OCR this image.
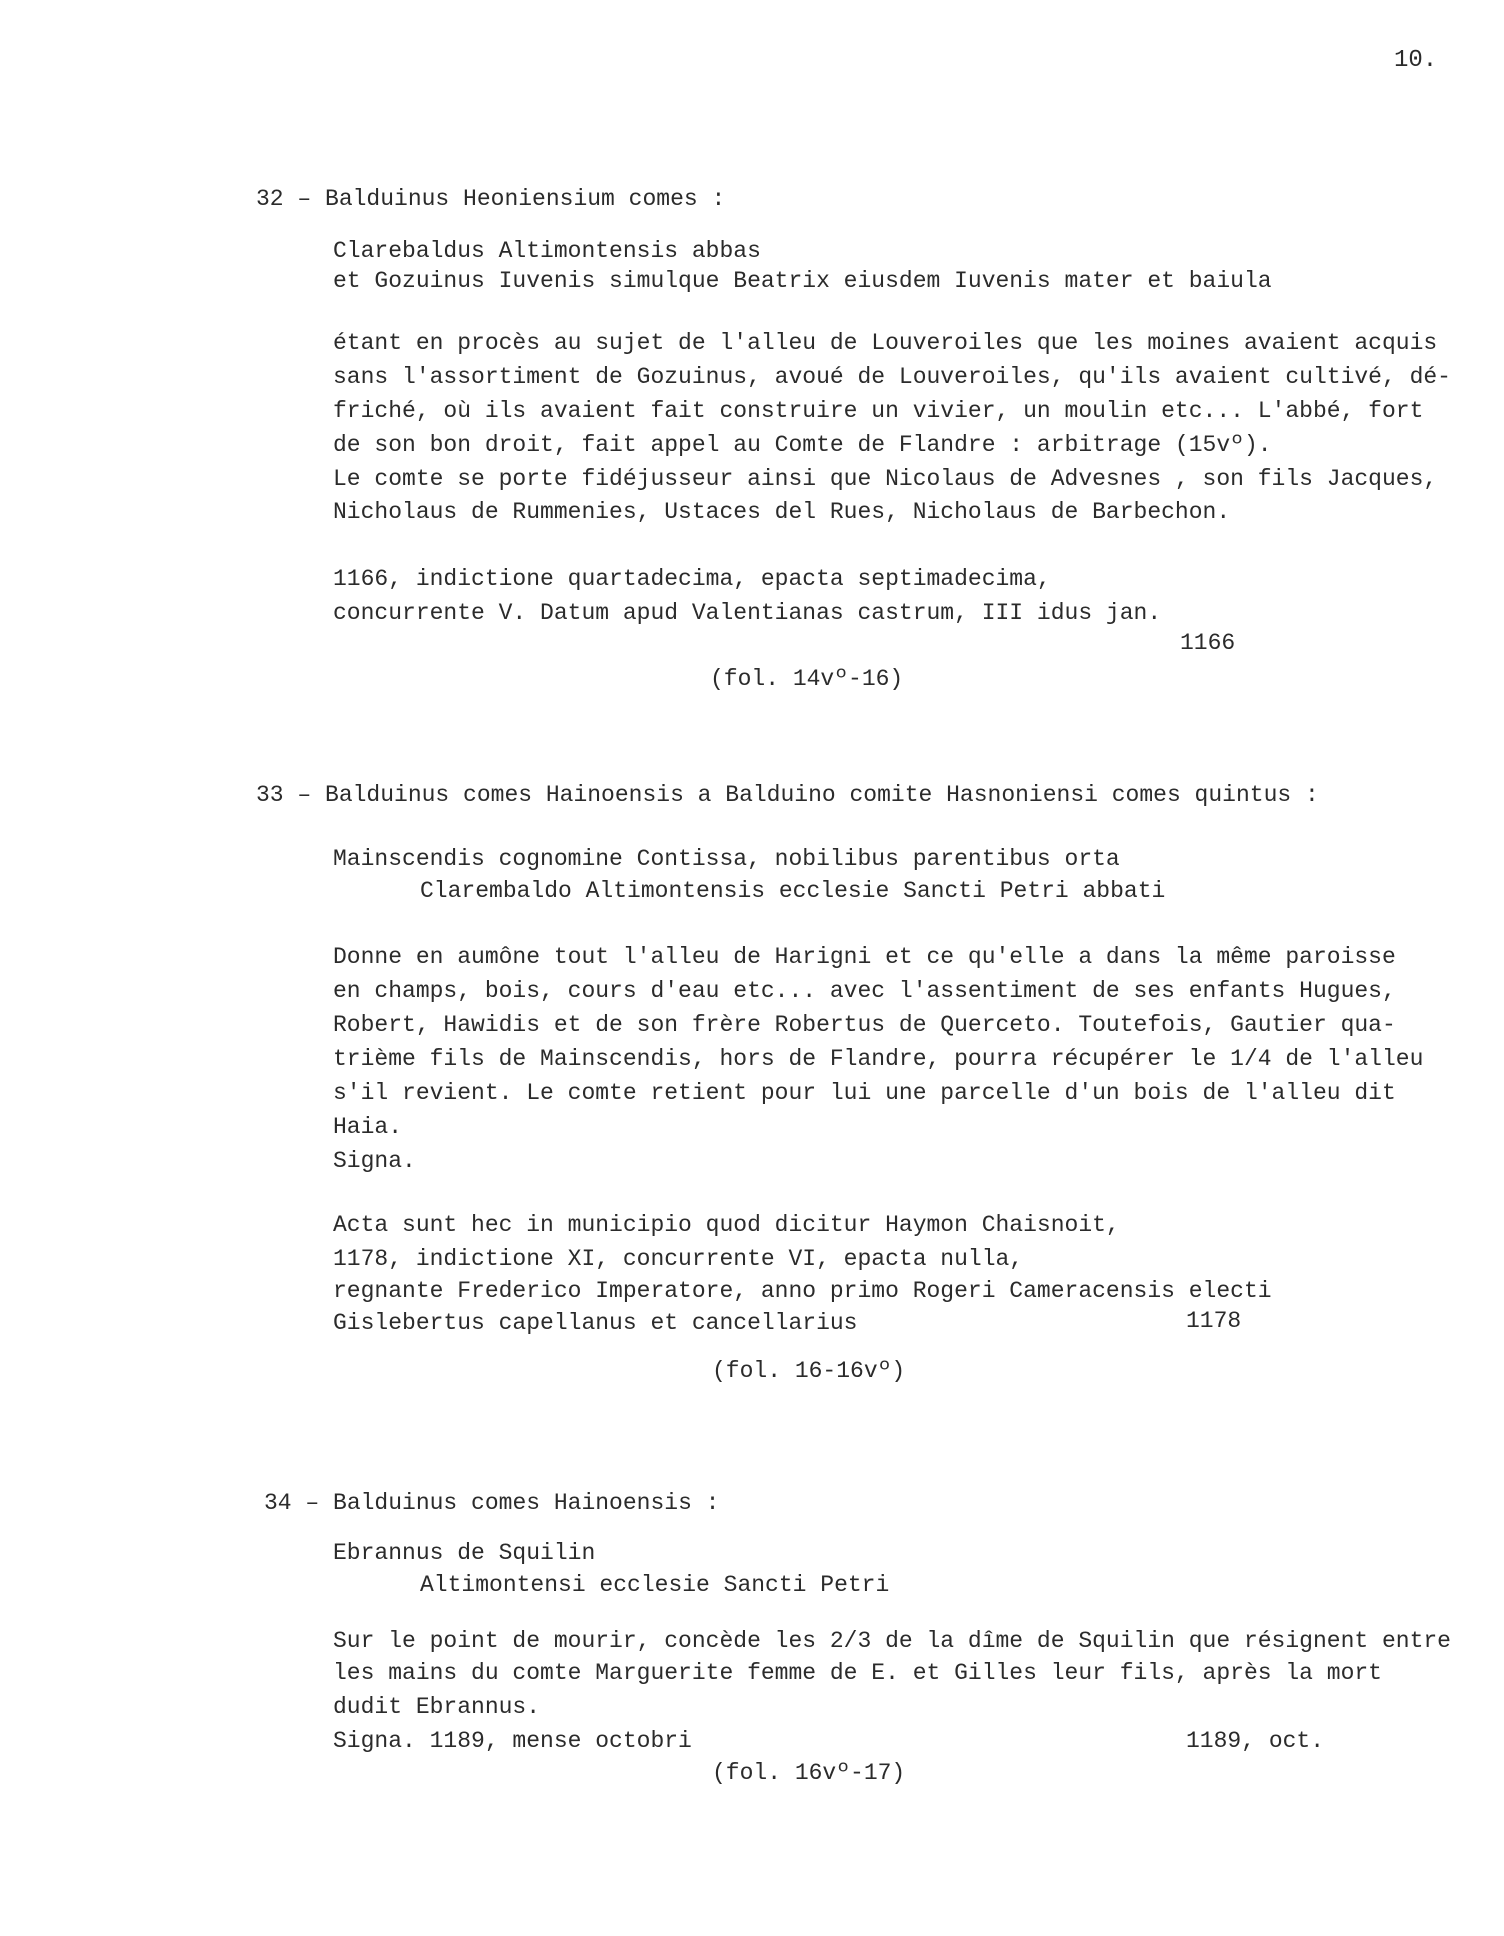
10.
32 – Balduinus Heoniensium comes :
Clarebaldus Altimontensis abbas
et Gozuinus Iuvenis simulque Beatrix eiusdem Iuvenis mater et baiula
étant en procès au sujet de l'alleu de Louveroiles que les moines avaient acquis
sans l'assortiment de Gozuinus, avoué de Louveroiles, qu'ils avaient cultivé, dé-
friché, où ils avaient fait construire un vivier, un moulin etc... L'abbé, fort
de son bon droit, fait appel au Comte de Flandre : arbitrage (15vº).
Le comte se porte fidéjusseur ainsi que Nicolaus de Advesnes , son fils Jacques,
Nicholaus de Rummenies, Ustaces del Rues, Nicholaus de Barbechon.
1166, indictione quartadecima, epacta septimadecima,
concurrente V. Datum apud Valentianas castrum, III idus jan.
1166
(fol. 14vº-16)
33 – Balduinus comes Hainoensis a Balduino comite Hasnoniensi comes quintus :
Mainscendis cognomine Contissa, nobilibus parentibus orta
Clarembaldo Altimontensis ecclesie Sancti Petri abbati
Donne en aumône tout l'alleu de Harigni et ce qu'elle a dans la même paroisse
en champs, bois, cours d'eau etc... avec l'assentiment de ses enfants Hugues,
Robert, Hawidis et de son frère Robertus de Querceto. Toutefois, Gautier qua-
trième fils de Mainscendis, hors de Flandre, pourra récupérer le 1/4 de l'alleu
s'il revient. Le comte retient pour lui une parcelle d'un bois de l'alleu dit
Haia.
Signa.
Acta sunt hec in municipio quod dicitur Haymon Chaisnoit,
1178, indictione XI, concurrente VI, epacta nulla,
regnante Frederico Imperatore, anno primo Rogeri Cameracensis electi
Gislebertus capellanus et cancellarius	1178
(fol. 16-16vº)
34 – Balduinus comes Hainoensis :
Ebrannus de Squilin
Altimontensi ecclesie Sancti Petri
Sur le point de mourir, concède les 2/3 de la dîme de Squilin que résignent entre
les mains du comte Marguerite femme de E. et Gilles leur fils, après la mort
dudit Ebrannus.
Signa. 1189, mense octobri	1189, oct.
(fol. 16vº-17)
